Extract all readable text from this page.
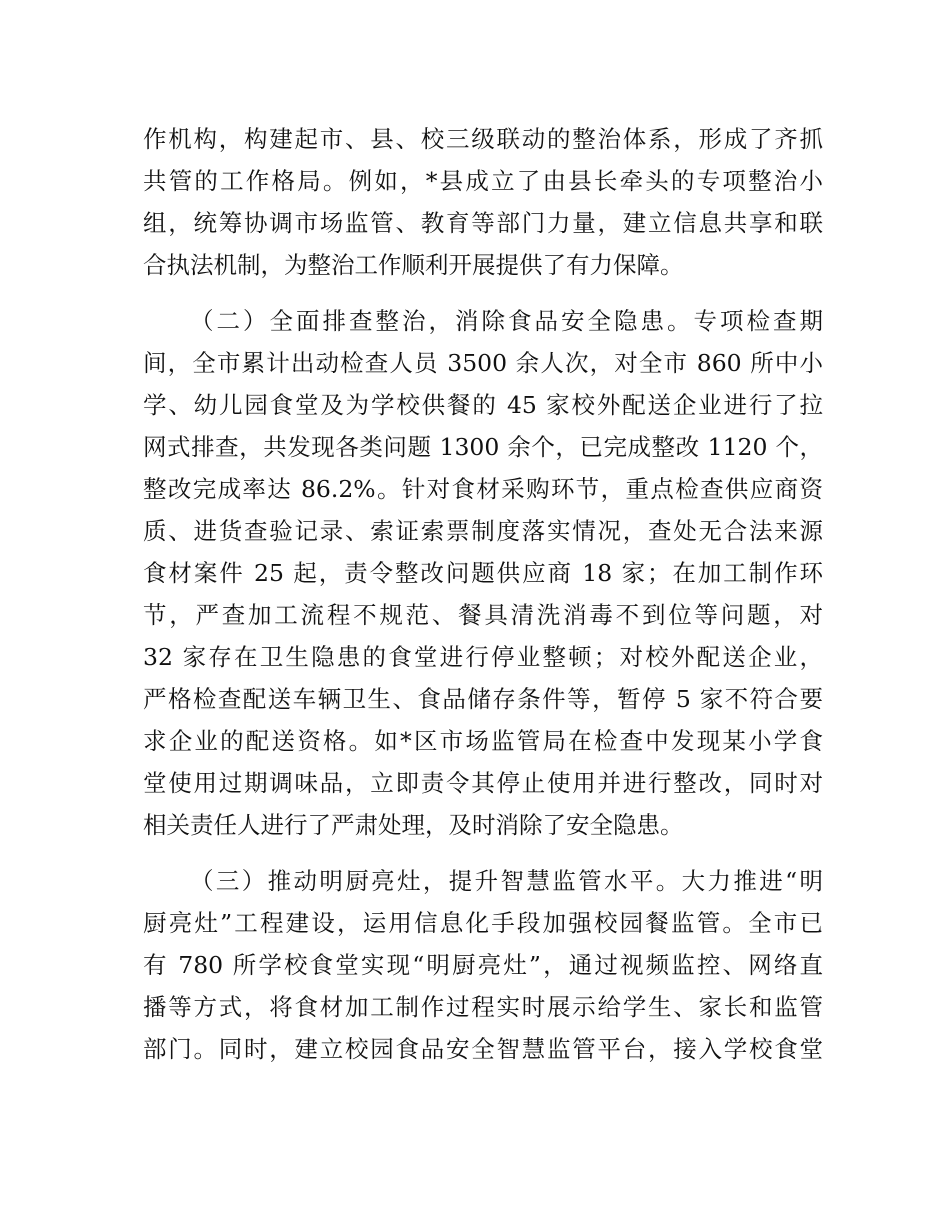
作机构，构建起市、县、校三级联动的整治体系，形成了齐抓
共管的工作格局。例如，*县成立了由县长牵头的专项整治小
组，统筹协调市场监管、教育等部门力量，建立信息共享和联
合执法机制，为整治工作顺利开展提供了有力保障。
（二）全面排查整治，消除食品安全隐患。专项检查期
间，全市累计出动检查人员 3500 余人次，对全市 860 所中小
学、幼儿园食堂及为学校供餐的 45 家校外配送企业进行了拉
网式排查，共发现各类问题 1300 余个，已完成整改 1120 个，
整改完成率达 86.2%。针对食材采购环节，重点检查供应商资
质、进货查验记录、索证索票制度落实情况，查处无合法来源
食材案件 25 起，责令整改问题供应商 18 家；在加工制作环
节，严查加工流程不规范、餐具清洗消毒不到位等问题，对
32 家存在卫生隐患的食堂进行停业整顿；对校外配送企业，
严格检查配送车辆卫生、食品储存条件等，暂停 5 家不符合要
求企业的配送资格。如*区市场监管局在检查中发现某小学食
堂使用过期调味品，立即责令其停止使用并进行整改，同时对
相关责任人进行了严肃处理，及时消除了安全隐患。
（三）推动明厨亮灶，提升智慧监管水平。大力推进“明
厨亮灶”工程建设，运用信息化手段加强校园餐监管。全市已
有 780 所学校食堂实现“明厨亮灶”，通过视频监控、网络直
播等方式，将食材加工制作过程实时展示给学生、家长和监管
部门。同时，建立校园食品安全智慧监管平台，接入学校食堂
